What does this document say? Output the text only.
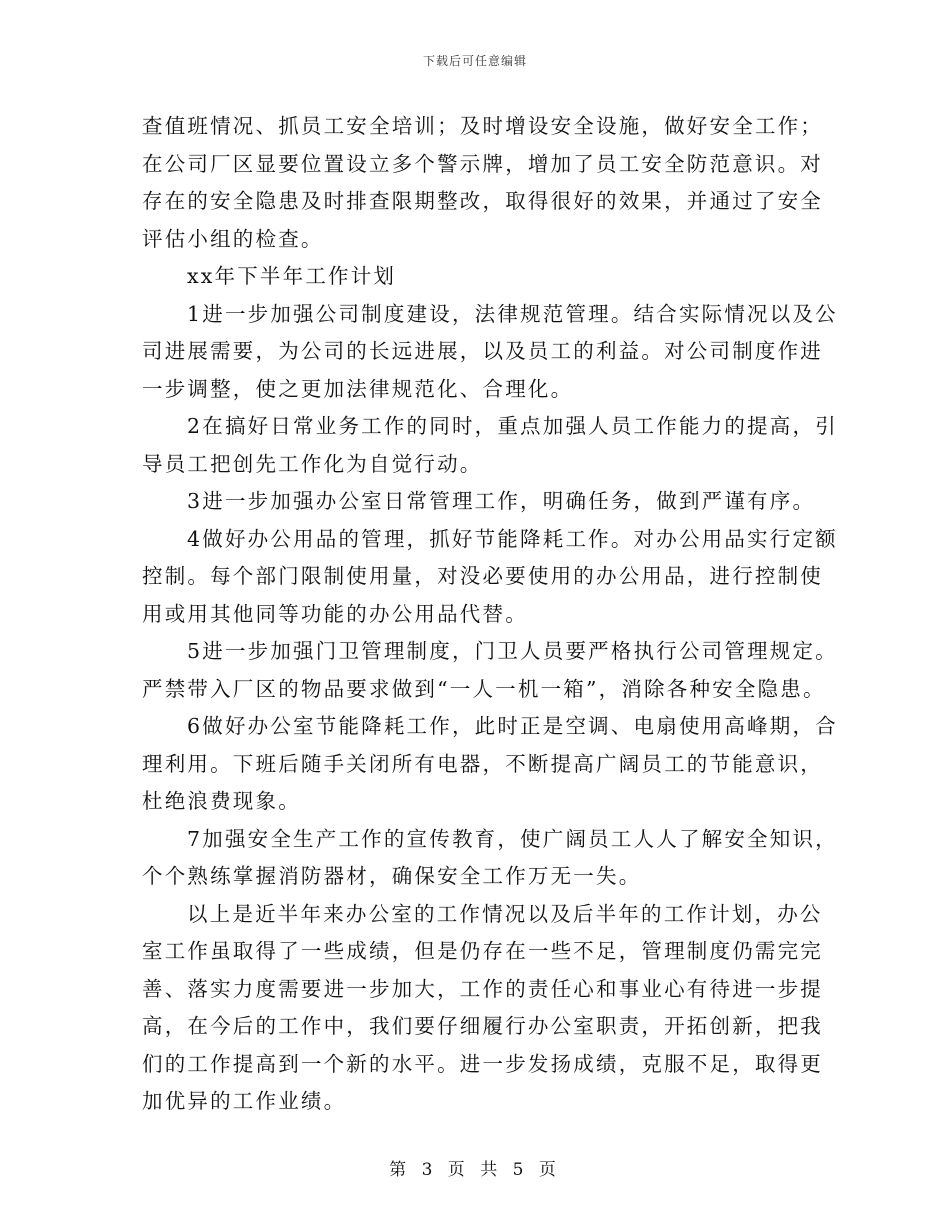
下载后可任意编辑

查值班情况、抓员工安全培训；及时增设安全设施，做好安全工作；
在公司厂区显要位置设立多个警示牌，增加了员工安全防范意识。对
存在的安全隐患及时排查限期整改，取得很好的效果，并通过了安全
评估小组的检查。

xx年下半年工作计划

1进一步加强公司制度建设，法律规范管理。结合实际情况以及公
司进展需要，为公司的长远进展，以及员工的利益。对公司制度作进
一步调整，使之更加法律规范化、合理化。

2在搞好日常业务工作的同时，重点加强人员工作能力的提高，引
导员工把创先工作化为自觉行动。

3进一步加强办公室日常管理工作，明确任务，做到严谨有序。

4做好办公用品的管理，抓好节能降耗工作。对办公用品实行定额
控制。每个部门限制使用量，对没必要使用的办公用品，进行控制使
用或用其他同等功能的办公用品代替。

5进一步加强门卫管理制度，门卫人员要严格执行公司管理规定。
严禁带入厂区的物品要求做到“一人一机一箱”，消除各种安全隐患。

6做好办公室节能降耗工作，此时正是空调、电扇使用高峰期，合
理利用。下班后随手关闭所有电器，不断提高广阔员工的节能意识，
杜绝浪费现象。

7加强安全生产工作的宣传教育，使广阔员工人人了解安全知识，
个个熟练掌握消防器材，确保安全工作万无一失。

以上是近半年来办公室的工作情况以及后半年的工作计划，办公
室工作虽取得了一些成绩，但是仍存在一些不足，管理制度仍需完完
善、落实力度需要进一步加大，工作的责任心和事业心有待进一步提
高，在今后的工作中，我们要仔细履行办公室职责，开拓创新，把我
们的工作提高到一个新的水平。进一步发扬成绩，克服不足，取得更
加优异的工作业绩。

第 3 页 共 5 页
